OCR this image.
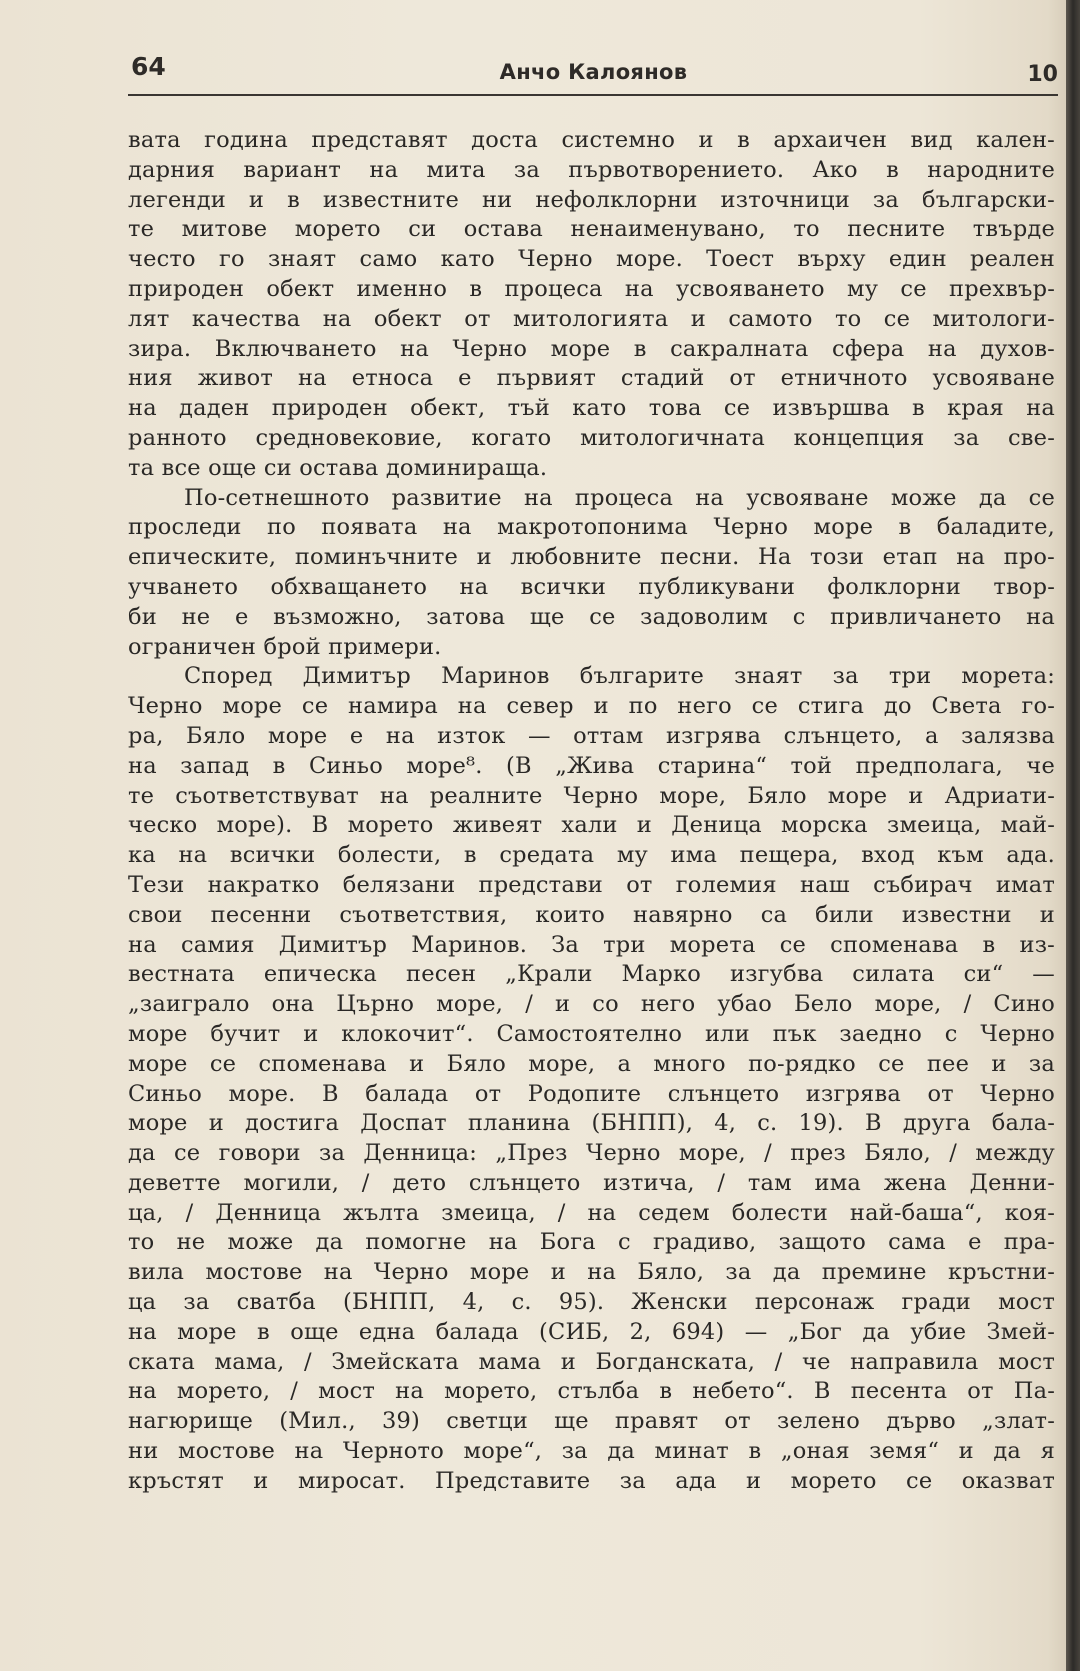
64	Анчо Калоянов	10
вата година представят доста системно и в архаичен вид кален-
дарния вариант на мита за първотворението. Ако в народните
легенди и в известните ни нефолклорни източници за български-
те митове морето си остава ненаименувано, то песните твърде
често го знаят само като Черно море. Тоест върху един реален
природен обект именно в процеса на усвояването му се прехвър-
лят качества на обект от митологията и самото то се митологи-
зира. Включването на Черно море в сакралната сфера на духов-
ния живот на етноса е първият стадий от етничното усвояване
на даден природен обект, тъй като това се извършва в края на
ранното средновековие, когато митологичната концепция за све-
та все още си остава доминираща.
По-сетнешното развитие на процеса на усвояване може да се
проследи по появата на макротопонима Черно море в баладите,
епическите, поминъчните и любовните песни. На този етап на про-
учването обхващането на всички публикувани фолклорни твор-
би не е възможно, затова ще се задоволим с привличането на
ограничен брой примери.
Според Димитър Маринов българите знаят за три морета:
Черно море се намира на север и по него се стига до Света го-
ра, Бяло море е на изток — оттам изгрява слънцето, а залязва
на запад в Синьо море⁸. (В „Жива старина“ той предполага, че
те съответствуват на реалните Черно море, Бяло море и Адриати-
ческо море). В морето живеят хали и Деница морска змеица, май-
ка на всички болести, в средата му има пещера, вход към ада.
Тези накратко белязани представи от големия наш събирач имат
свои песенни съответствия, които навярно са били известни и
на самия Димитър Маринов. За три морета се споменава в из-
вестната епическа песен „Крали Марко изгубва силата си“ —
„заиграло она Църно море, / и со него убао Бело море, / Сино
море бучит и клокочит“. Самостоятелно или пък заедно с Черно
море се споменава и Бяло море, а много по-рядко се пее и за
Синьо море. В балада от Родопите слънцето изгрява от Черно
море и достига Доспат планина (БНПП), 4, с. 19). В друга бала-
да се говори за Денница: „През Черно море, / през Бяло, / между
деветте могили, / дето слънцето изтича, / там има жена Денни-
ца, / Денница жълта змеица, / на седем болести най-баша“, коя-
то не може да помогне на Бога с градиво, защото сама е пра-
вила мостове на Черно море и на Бяло, за да премине кръстни-
ца за сватба (БНПП, 4, с. 95). Женски персонаж гради мост
на море в още една балада (СИБ, 2, 694) — „Бог да убие Змей-
ската мама, / Змейската мама и Богданската, / че направила мост
на морето, / мост на морето, стълба в небето“. В песента от Па-
нагюрище (Мил., 39) светци ще правят от зелено дърво „злат-
ни мостове на Черното море“, за да минат в „оная земя“ и да я
кръстят и миросат. Представите за ада и морето се оказват
